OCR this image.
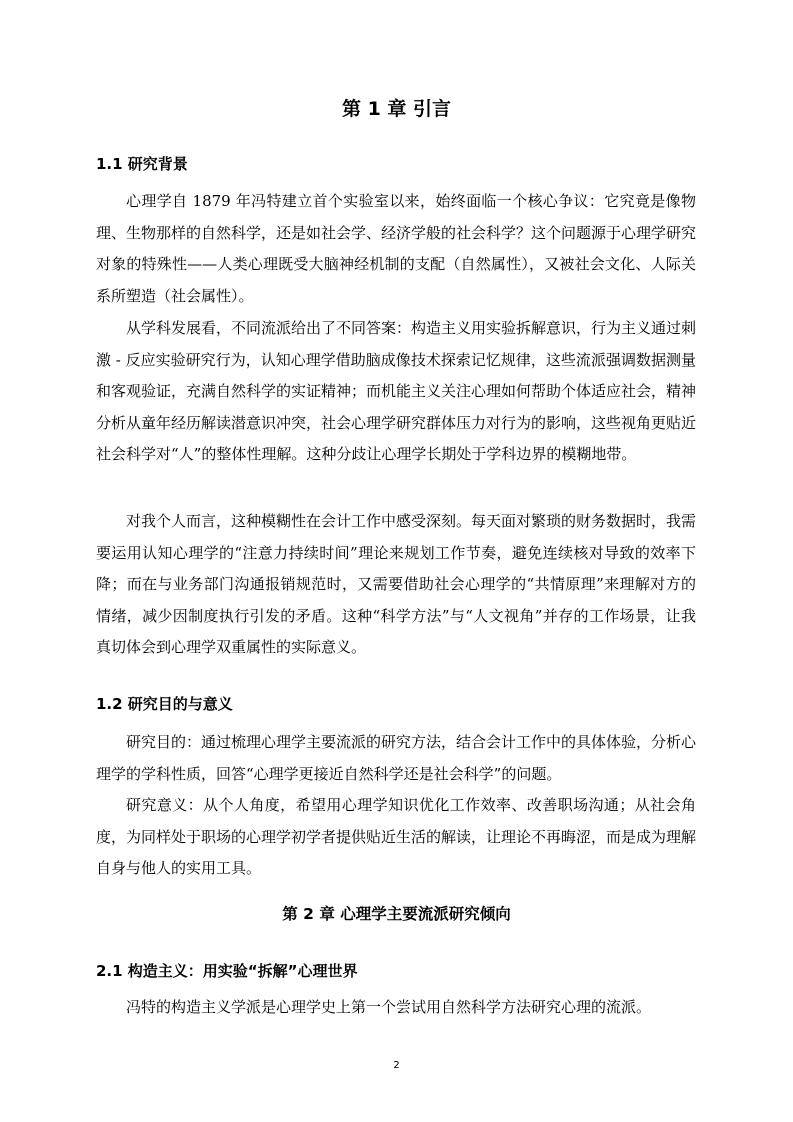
第 1 章 引言
1.1 研究背景

心理学自 1879 年冯特建立首个实验室以来，始终面临一个核心争议：它究竟是像物理、生物那样的自然科学，还是如社会学、经济学般的社会科学？这个问题源于心理学研究对象的特殊性——人类心理既受大脑神经机制的支配（自然属性），又被社会文化、人际关系所塑造（社会属性）。

从学科发展看，不同流派给出了不同答案：构造主义用实验拆解意识，行为主义通过刺激 - 反应实验研究行为，认知心理学借助脑成像技术探索记忆规律，这些流派强调数据测量和客观验证，充满自然科学的实证精神；而机能主义关注心理如何帮助个体适应社会，精神分析从童年经历解读潜意识冲突，社会心理学研究群体压力对行为的影响，这些视角更贴近社会科学对“人”的整体性理解。这种分歧让心理学长期处于学科边界的模糊地带。

对我个人而言，这种模糊性在会计工作中感受深刻。每天面对繁琐的财务数据时，我需要运用认知心理学的“注意力持续时间”理论来规划工作节奏，避免连续核对导致的效率下降；而在与业务部门沟通报销规范时，又需要借助社会心理学的“共情原理”来理解对方的情绪，减少因制度执行引发的矛盾。这种“科学方法”与“人文视角”并存的工作场景，让我真切体会到心理学双重属性的实际意义。

1.2 研究目的与意义

研究目的：通过梳理心理学主要流派的研究方法，结合会计工作中的具体体验，分析心理学的学科性质，回答“心理学更接近自然科学还是社会科学”的问题。

研究意义：从个人角度，希望用心理学知识优化工作效率、改善职场沟通；从社会角度，为同样处于职场的心理学初学者提供贴近生活的解读，让理论不再晦涩，而是成为理解自身与他人的实用工具。

第 2 章 心理学主要流派研究倾向
2.1 构造主义：用实验“拆解”心理世界

冯特的构造主义学派是心理学史上第一个尝试用自然科学方法研究心理的流派。

2
